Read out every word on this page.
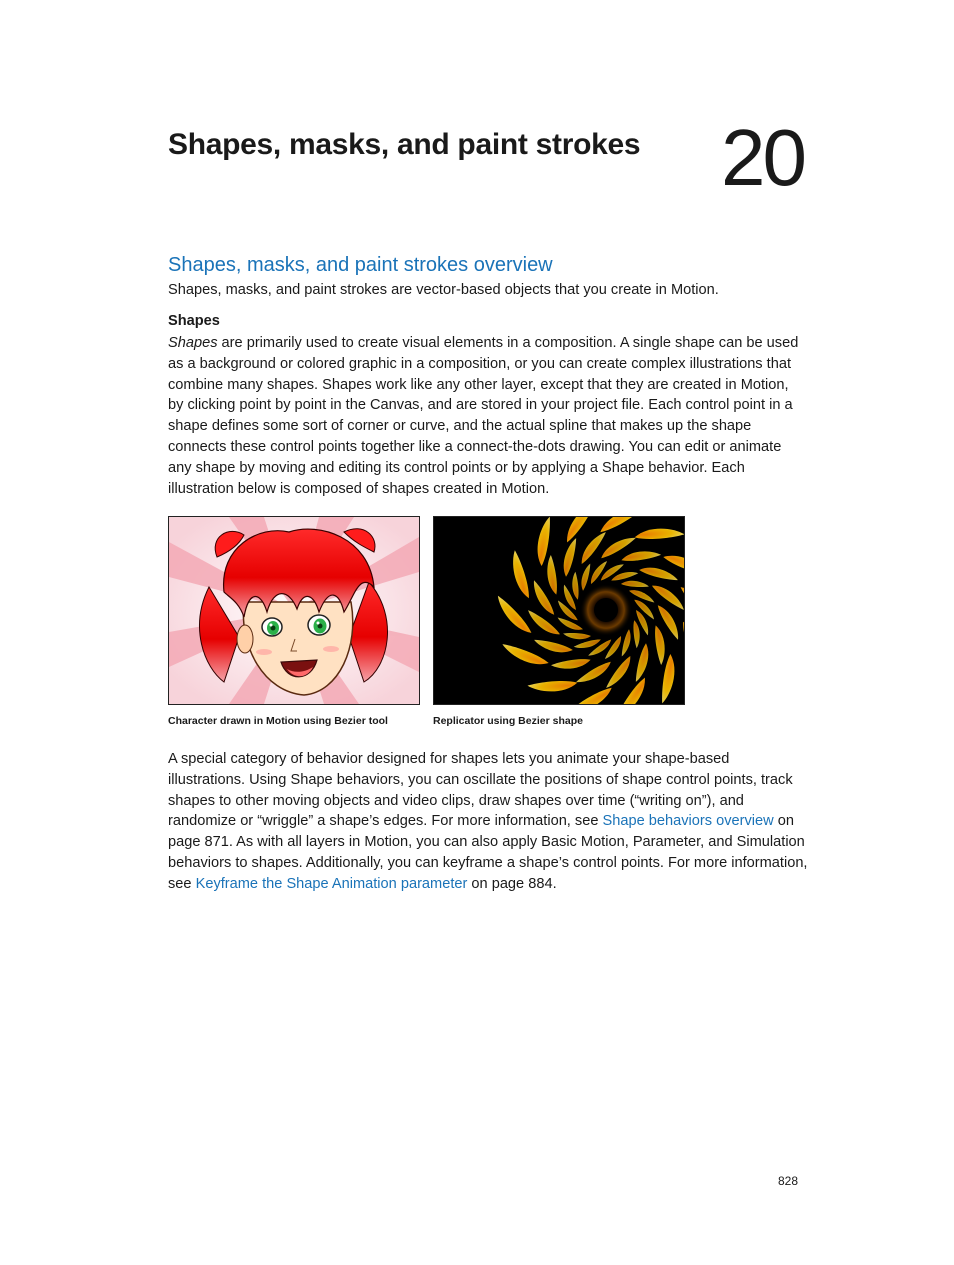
Shapes, masks, and paint strokes 20
Shapes, masks, and paint strokes overview

Shapes, masks, and paint strokes are vector-based objects that you create in Motion.

Shapes

Shapes are primarily used to create visual elements in a composition. A single shape can be used as a background or colored graphic in a composition, or you can create complex illustrations that combine many shapes. Shapes work like any other layer, except that they are created in Motion, by clicking point by point in the Canvas, and are stored in your project file. Each control point in a shape defines some sort of corner or curve, and the actual spline that makes up the shape connects these control points together like a connect-the-dots drawing. You can edit or animate any shape by moving and editing its control points or by applying a Shape behavior. Each illustration below is composed of shapes created in Motion.

Character drawn in Motion using Bezier tool	Replicator using Bezier shape

A special category of behavior designed for shapes lets you animate your shape-based illustrations. Using Shape behaviors, you can oscillate the positions of shape control points, track shapes to other moving objects and video clips, draw shapes over time (“writing on”), and randomize or “wriggle” a shape’s edges. For more information, see Shape behaviors overview on page 871. As with all layers in Motion, you can also apply Basic Motion, Parameter, and Simulation behaviors to shapes. Additionally, you can keyframe a shape’s control points. For more information, see Keyframe the Shape Animation parameter on page 884.

828
